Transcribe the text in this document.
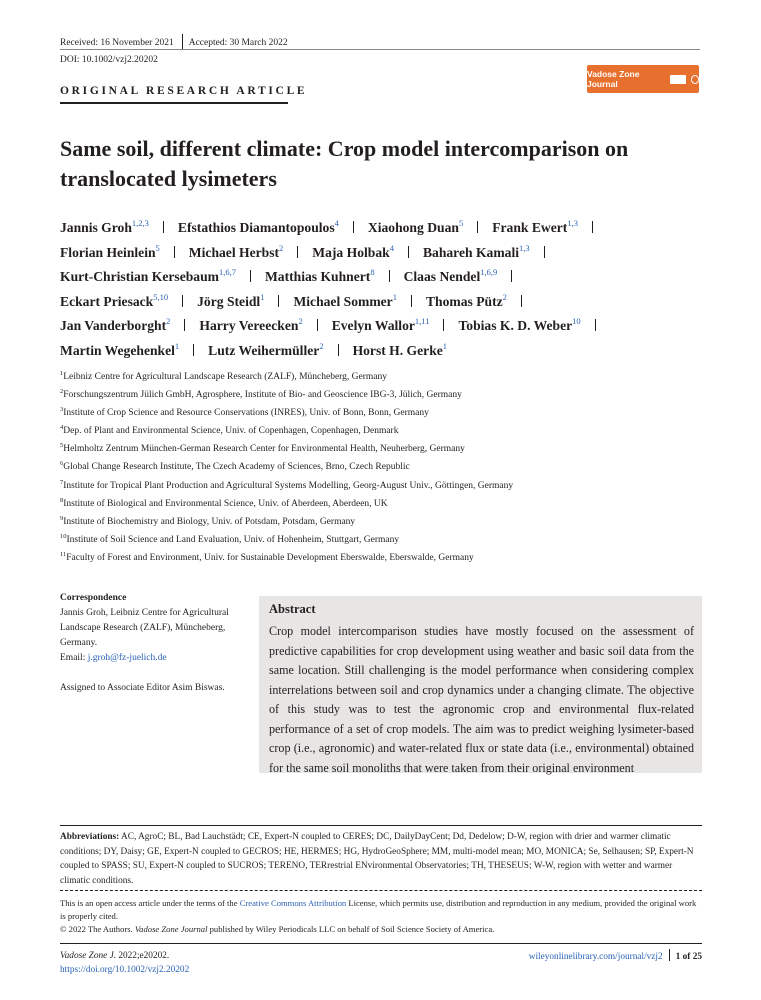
Received: 16 November 2021 Accepted: 30 March 2022
DOI: 10.1002/vzj2.20202
Vadose Zone Journal
ORIGINAL RESEARCH ARTICLE
Same soil, different climate: Crop model intercomparison on translocated lysimeters
Jannis Groh$^{1,2,3}$ Efstathios Diamantopoulos$^4$ Xiaohong Duan$^5$ Frank Ewert$^{1,3}$
Florian Heinlein$^5$ Michael Herbst$^2$ Maja Holbak$^4$ Bahareh Kamali$^{1,3}$
Kurt-Christian Kersebaum$^{1,6,7}$ Matthias Kuhnert$^8$ Claas Nendel$^{1,6,9}$
Eckart Priesack$^{5,10}$ Jörg Steidl$^1$ Michael Sommer$^1$ Thomas Pütz$^2$
Jan Vanderborght$^2$ Harry Vereecken$^2$ Evelyn Wallor$^{1,11}$ Tobias K. D. Weber$^{10}$
Martin Wegehenkel$^1$ Lutz Weihermüller$^2$ Horst H. Gerke$^1$
$^1$Leibniz Centre for Agricultural Landscape Research (ZALF), Müncheberg, Germany
$^2$Forschungszentrum Jülich GmbH, Agrosphere, Institute of Bio- and Geoscience IBG-3, Jülich, Germany
$^3$Institute of Crop Science and Resource Conservations (INRES), Univ. of Bonn, Bonn, Germany
$^4$Dep. of Plant and Environmental Science, Univ. of Copenhagen, Copenhagen, Denmark
$^5$Helmholtz Zentrum München-German Research Center for Environmental Health, Neuherberg, Germany
$^6$Global Change Research Institute, The Czech Academy of Sciences, Brno, Czech Republic
$^7$Institute for Tropical Plant Production and Agricultural Systems Modelling, Georg-August Univ., Göttingen, Germany
$^8$Institute of Biological and Environmental Science, Univ. of Aberdeen, Aberdeen, UK
$^9$Institute of Biochemistry and Biology, Univ. of Potsdam, Potsdam, Germany
$^{10}$Institute of Soil Science and Land Evaluation, Univ. of Hohenheim, Stuttgart, Germany
$^{11}$Faculty of Forest and Environment, Univ. for Sustainable Development Eberswalde, Eberswalde, Germany
Correspondence
Jannis Groh, Leibniz Centre for Agricultural Landscape Research (ZALF), Müncheberg, Germany.
Email: j.groh@fz-juelich.de
Assigned to Associate Editor Asim Biswas.
Abstract
Crop model intercomparison studies have mostly focused on the assessment of predictive capabilities for crop development using weather and basic soil data from the same location. Still challenging is the model performance when considering complex interrelations between soil and crop dynamics under a changing climate. The objective of this study was to test the agronomic crop and environmental flux-related performance of a set of crop models. The aim was to predict weighing lysimeter-based crop (i.e., agronomic) and water-related flux or state data (i.e., environmental) obtained for the same soil monoliths that were taken from their original environment
Abbreviations: AC, AgroC; BL, Bad Lauchstädt; CE, Expert-N coupled to CERES; DC, DailyDayCent; Dd, Dedelow; D-W, region with drier and warmer climatic conditions; DY, Daisy; GE, Expert-N coupled to GECROS; HE, HERMES; HG, HydroGeoSphere; MM, multi-model mean; MO, MONICA; Se, Selhausen; SP, Expert-N coupled to SPASS; SU, Expert-N coupled to SUCROS; TERENO, TERrestrial ENvironmental Observatories; TH, THESEUS; W-W, region with wetter and warmer climatic conditions.
This is an open access article under the terms of the Creative Commons Attribution License, which permits use, distribution and reproduction in any medium, provided the original work is properly cited.
© 2022 The Authors. Vadose Zone Journal published by Wiley Periodicals LLC on behalf of Soil Science Society of America.
Vadose Zone J. 2022;e20202.
https://doi.org/10.1002/vzj2.20202
wileyonlinelibrary.com/journal/vzj2 1 of 25
